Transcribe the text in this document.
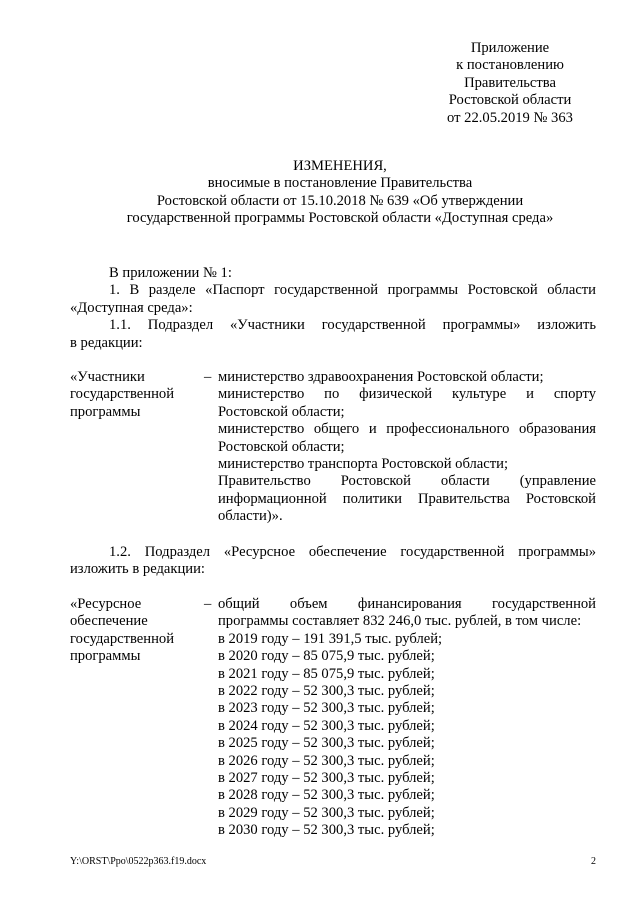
Приложение
к постановлению
Правительства
Ростовской области
от 22.05.2019 № 363
ИЗМЕНЕНИЯ,
вносимые в постановление Правительства
Ростовской области от 15.10.2018 № 639 «Об утверждении
государственной программы Ростовской области «Доступная среда»
В приложении № 1:
1. В разделе «Паспорт государственной программы Ростовской области
«Доступная среда»:
1.1. Подраздел «Участники государственной программы» изложить
в редакции:
«Участники
государственной
программы
– министерство здравоохранения Ростовской области;
министерство по физической культуре и спорту
Ростовской области;
министерство общего и профессионального образования
Ростовской области;
министерство транспорта Ростовской области;
Правительство Ростовской области (управление
информационной политики Правительства Ростовской
области)».
1.2. Подраздел «Ресурсное обеспечение государственной программы»
изложить в редакции:
«Ресурсное
обеспечение
государственной
программы
– общий объем финансирования государственной
программы составляет 832 246,0 тыс. рублей, в том числе:
в 2019 году – 191 391,5 тыс. рублей;
в 2020 году – 85 075,9 тыс. рублей;
в 2021 году – 85 075,9 тыс. рублей;
в 2022 году – 52 300,3 тыс. рублей;
в 2023 году – 52 300,3 тыс. рублей;
в 2024 году – 52 300,3 тыс. рублей;
в 2025 году – 52 300,3 тыс. рублей;
в 2026 году – 52 300,3 тыс. рублей;
в 2027 году – 52 300,3 тыс. рублей;
в 2028 году – 52 300,3 тыс. рублей;
в 2029 году – 52 300,3 тыс. рублей;
в 2030 году – 52 300,3 тыс. рублей;
Y:\ORST\Ppo\0522p363.f19.docx	2
